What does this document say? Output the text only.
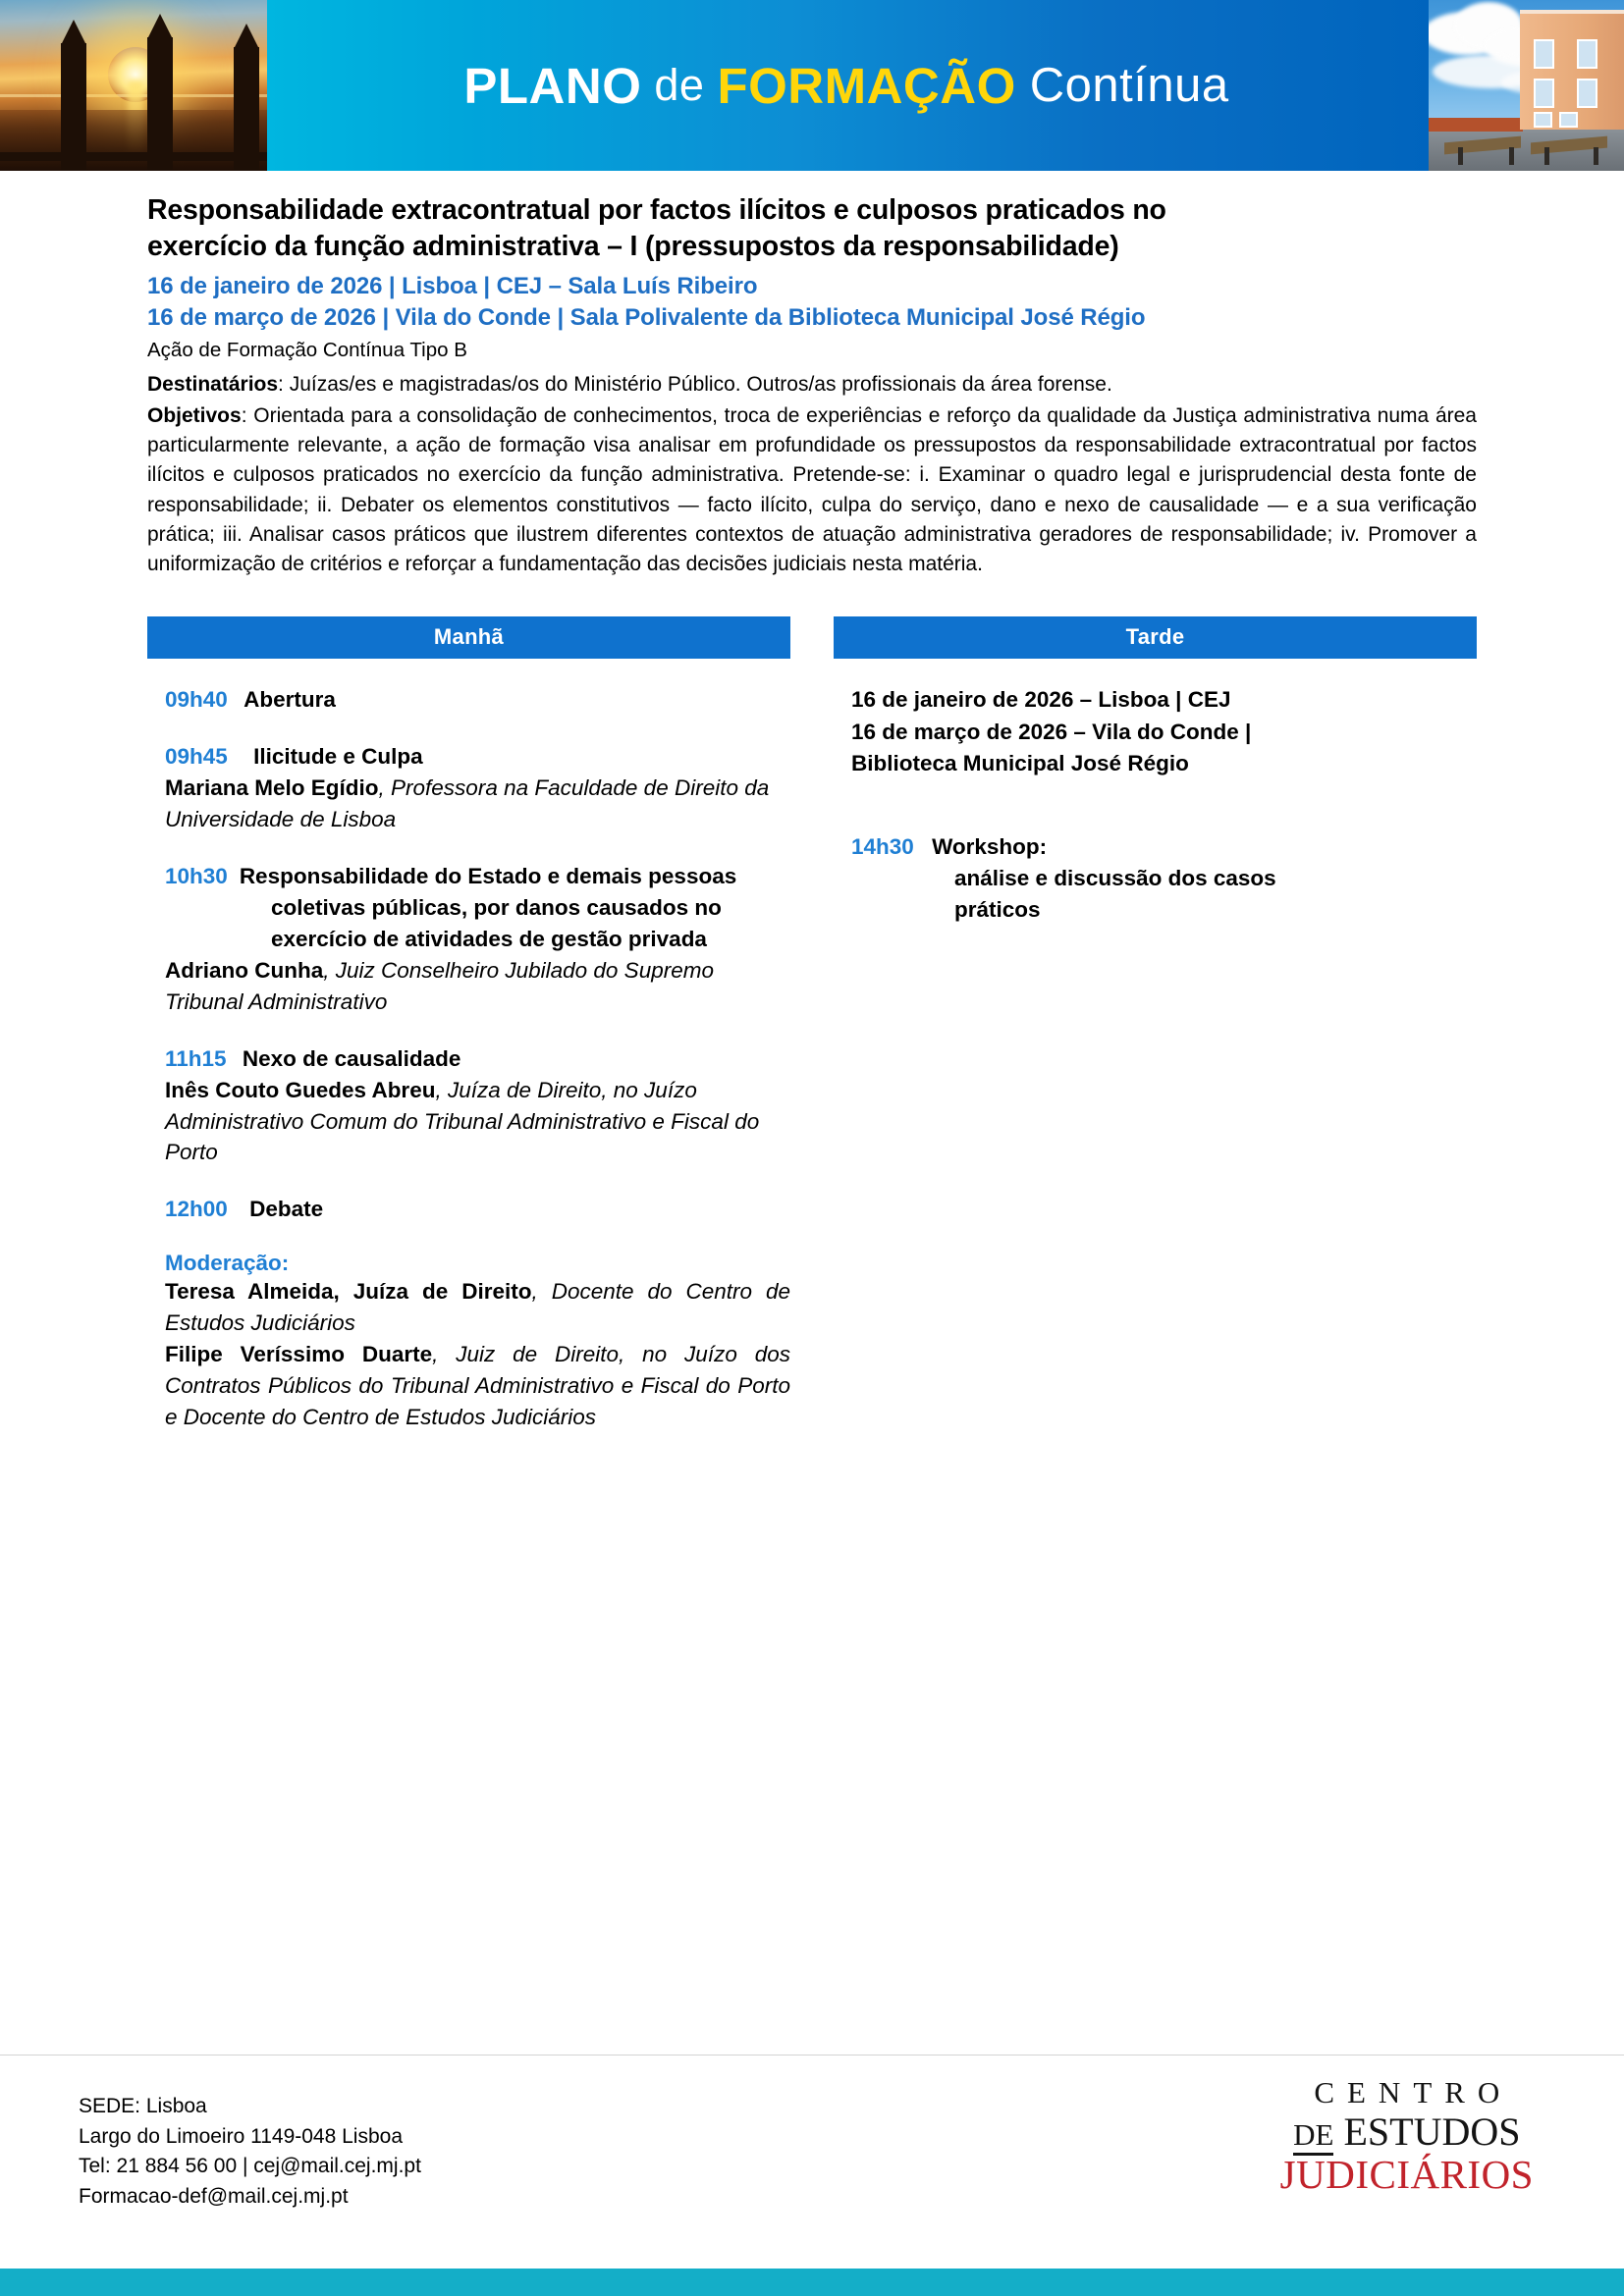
PLANO de FORMAÇÃO Contínua
Responsabilidade extracontratual por factos ilícitos e culposos praticados no
exercício da função administrativa – I (pressupostos da responsabilidade)
16 de janeiro de 2026 | Lisboa | CEJ – Sala Luís Ribeiro
16 de março de 2026 | Vila do Conde | Sala Polivalente da Biblioteca Municipal José Régio
Ação de Formação Contínua Tipo B
Destinatários: Juízas/es e magistradas/os do Ministério Público. Outros/as profissionais da área forense.
Objetivos: Orientada para a consolidação de conhecimentos, troca de experiências e reforço da qualidade da Justiça administrativa numa área particularmente relevante, a ação de formação visa analisar em profundidade os pressupostos da responsabilidade extracontratual por factos ilícitos e culposos praticados no exercício da função administrativa. Pretende-se: i. Examinar o quadro legal e jurisprudencial desta fonte de responsabilidade; ii. Debater os elementos constitutivos — facto ilícito, culpa do serviço, dano e nexo de causalidade — e a sua verificação prática; iii. Analisar casos práticos que ilustrem diferentes contextos de atuação administrativa geradores de responsabilidade; iv. Promover a uniformização de critérios e reforçar a fundamentação das decisões judiciais nesta matéria.
Manhã
09h40 Abertura
09h45 Ilicitude e Culpa
Mariana Melo Egídio, Professora na Faculdade de Direito da Universidade de Lisboa
10h30 Responsabilidade do Estado e demais pessoas coletivas públicas, por danos causados no exercício de atividades de gestão privada
Adriano Cunha, Juiz Conselheiro Jubilado do Supremo Tribunal Administrativo
11h15 Nexo de causalidade
Inês Couto Guedes Abreu, Juíza de Direito, no Juízo Administrativo Comum do Tribunal Administrativo e Fiscal do Porto
12h00 Debate
Moderação:
Teresa Almeida, Juíza de Direito, Docente do Centro de Estudos Judiciários
Filipe Veríssimo Duarte, Juiz de Direito, no Juízo dos Contratos Públicos do Tribunal Administrativo e Fiscal do Porto e Docente do Centro de Estudos Judiciários
Tarde
16 de janeiro de 2026 – Lisboa | CEJ
16 de março de 2026 – Vila do Conde |
Biblioteca Municipal José Régio
14h30 Workshop:
análise e discussão dos casos
práticos
SEDE: Lisboa
Largo do Limoeiro 1149-048 Lisboa
Tel: 21 884 56 00 | cej@mail.cej.mj.pt
Formacao-def@mail.cej.mj.pt
CENTRO
DE ESTUDOS
JUDICIÁRIOS
